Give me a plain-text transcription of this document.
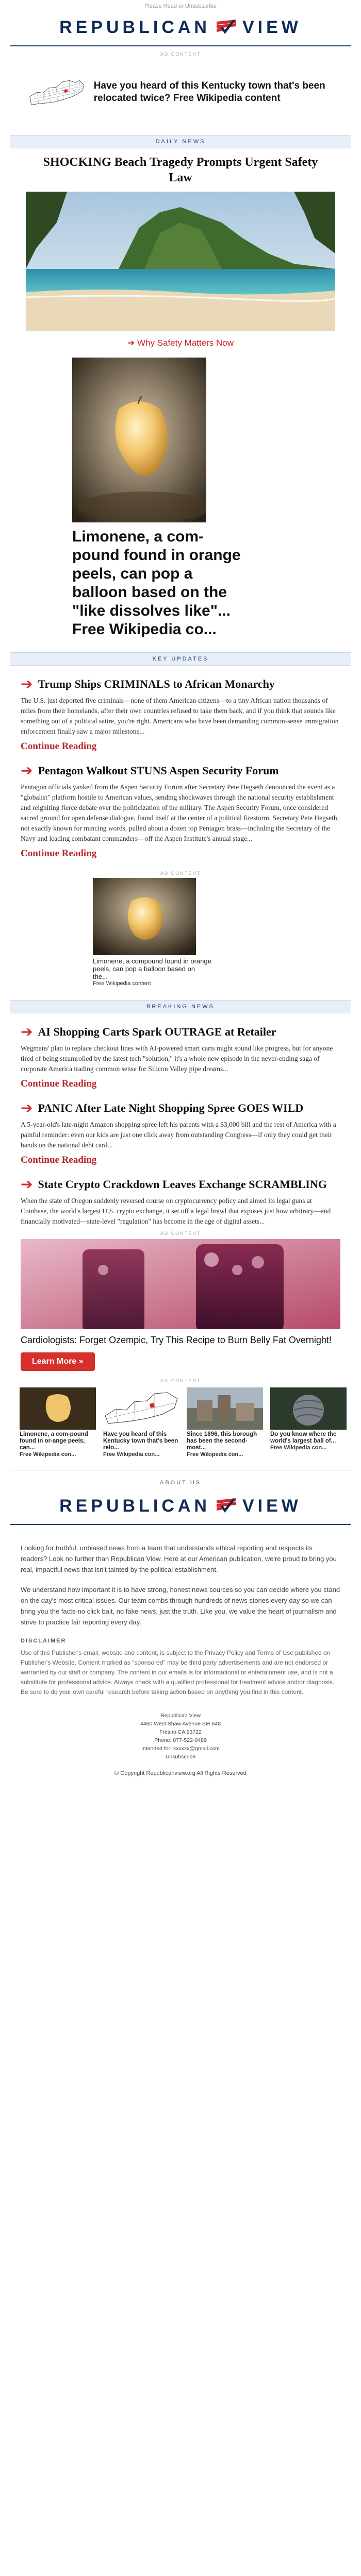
Please Read or Unsubscribe
REPUBLICAN VIEW
AD CONTENT
Have you heard of this Kentucky town that's been relocated twice? Free Wikipedia content
DAILY NEWS
SHOCKING Beach Tragedy Prompts Urgent Safety Law
➔ Why Safety Matters Now
Limonene, a com-pound found in orange peels, can pop a balloon based on the "like dissolves like"... Free Wikipedia co...
KEY UPDATES
➔ Trump Ships CRIMINALS to African Monarchy

The U.S. just deported five criminals—none of them American citizens—to a tiny African nation thousands of miles from their homelands, after their own countries refused to take them back, and if you think that sounds like something out of a political satire, you're right. Americans who have been demanding common-sense immigration enforcement finally saw a major milestone...

Continue Reading
➔ Pentagon Walkout STUNS Aspen Security Forum

Pentagon officials yanked from the Aspen Security Forum after Secretary Pete Hegseth denounced the event as a "globalist" platform hostile to American values, sending shockwaves through the national security establishment and reigniting fierce debate over the politicization of the military. The Aspen Security Forum, once considered sacred ground for open defense dialogue, found itself at the center of a political firestorm. Secretary Pete Hegseth, not exactly known for mincing words, pulled about a dozen top Pentagon brass—including the Secretary of the Navy and leading combatant commanders—off the Aspen Institute's annual stage...

Continue Reading
AD CONTENT
Limonene, a compound found in orange peels, can pop a balloon based on the...
Free Wikipedia content
BREAKING NEWS
➔ AI Shopping Carts Spark OUTRAGE at Retailer

Wegmans' plan to replace checkout lines with AI-powered smart carts might sound like progress, but for anyone tired of being steamrolled by the latest tech "solution," it's a whole new episode in the never-ending saga of corporate America trading common sense for Silicon Valley pipe dreams...

Continue Reading
➔ PANIC After Late Night Shopping Spree GOES WILD

A 5-year-old's late-night Amazon shopping spree left his parents with a $3,000 bill and the rest of America with a painful reminder: even our kids are just one click away from outstanding Congress—if only they could get their hands on the national debt card...

Continue Reading
➔ State Crypto Crackdown Leaves Exchange SCRAMBLING

When the state of Oregon suddenly reversed course on cryptocurrency policy and aimed its legal guns at Coinbase, the world's largest U.S. crypto exchange, it set off a legal brawl that exposes just how arbitrary—and financially motivated—state-level "regulation" has become in the age of digital assets...

AD CONTENT
Cardiologists: Forget Ozempic, Try This Recipe to Burn Belly Fat Overnight!
Learn More »
AD CONTENT
Limonene, a com-pound found in or-ange peels, can...
Free Wikipedia con...
Have you heard of this Kentucky town that's been relo...
Free Wikipedia con...
Since 1896, this borough has been the second-most...
Free Wikipedia con...
Do you know where the world's largest ball of...
Free Wikipedia con...
ABOUT US
REPUBLICAN VIEW

Looking for truthful, unbiased news from a team that understands ethical reporting and respects its readers? Look no further than Republican View. Here at our American publication, we're proud to bring you real, impactful news that isn't tainted by the political establishment.

We understand how important it is to have strong, honest news sources so you can decide where you stand on the day's most critical issues. Our team combs through hundreds of news stories every day so we can bring you the facts-no click bait, no fake news, just the truth. Like you, we value the heart of journalism and strive to practice fair reporting every day.

DISCLAIMER

Use of this Publisher's email, website and content, is subject to the Privacy Policy and Terms of Use published on Publisher's Website. Content marked as "sponsored" may be third party advertisements and are not endorsed or warranted by our staff or company. The content in our emails is for informational or entertainment use, and is not a substitute for professional advice. Always check with a qualified professional for treatment advice and/or diagnosis. Be sure to do your own careful research before taking action based on anything you find in this content.

Republican View
4460 West Shaw Avenue Ste 648
Fresno CA 93722
Phone: 877-522-0489
Intended for: xxxxxx@gmail.com
Unsubscribe
© Copyright Republicanview.org All Rights Reserved
